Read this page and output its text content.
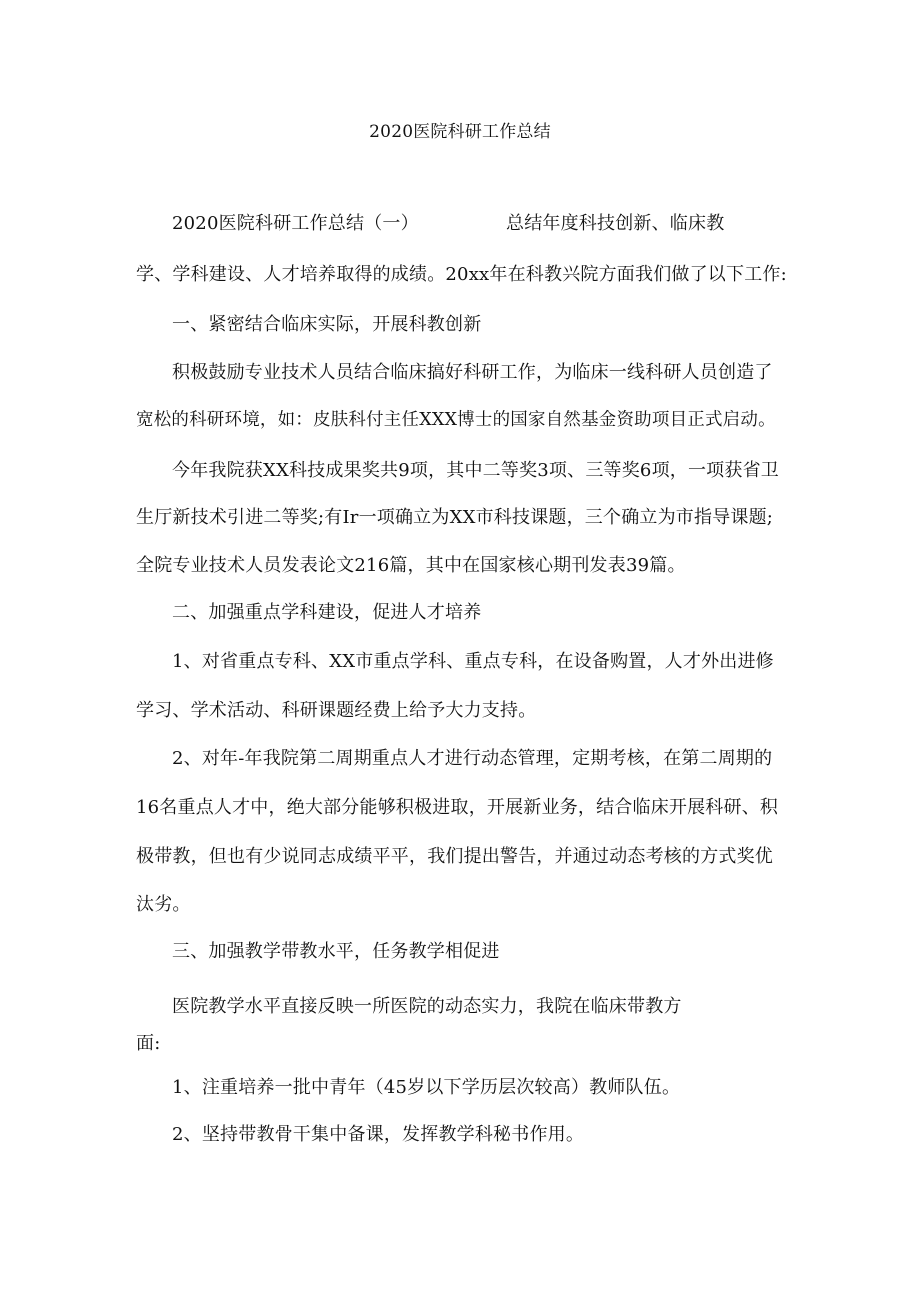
2020医院科研工作总结
2020医院科研工作总结（一）	总结年度科技创新、临床教
学、学科建设、人才培养取得的成绩。20xx年在科教兴院方面我们做了以下工作:
一、紧密结合临床实际，开展科教创新
积极鼓励专业技术人员结合临床搞好科研工作，为临床一线科研人员创造了
宽松的科研环境，如：皮肤科付主任XXX博士的国家自然基金资助项目正式启动。
今年我院获XX科技成果奖共9项，其中二等奖3项、三等奖6项，一项获省卫
生厅新技术引进二等奖;有Ir一项确立为XX市科技课题，三个确立为市指导课题;
全院专业技术人员发表论文216篇，其中在国家核心期刊发表39篇。
二、加强重点学科建设，促进人才培养
1、对省重点专科、XX市重点学科、重点专科，在设备购置，人才外出进修
学习、学术活动、科研课题经费上给予大力支持。
2、对年-年我院第二周期重点人才进行动态管理，定期考核，在第二周期的
16名重点人才中，绝大部分能够积极进取，开展新业务，结合临床开展科研、积
极带教，但也有少说同志成绩平平，我们提出警告，并通过动态考核的方式奖优
汰劣。
三、加强教学带教水平，任务教学相促进
医院教学水平直接反映一所医院的动态实力，我院在临床带教方
面:
1、注重培养一批中青年（45岁以下学历层次较高）教师队伍。
2、坚持带教骨干集中备课，发挥教学科秘书作用。
